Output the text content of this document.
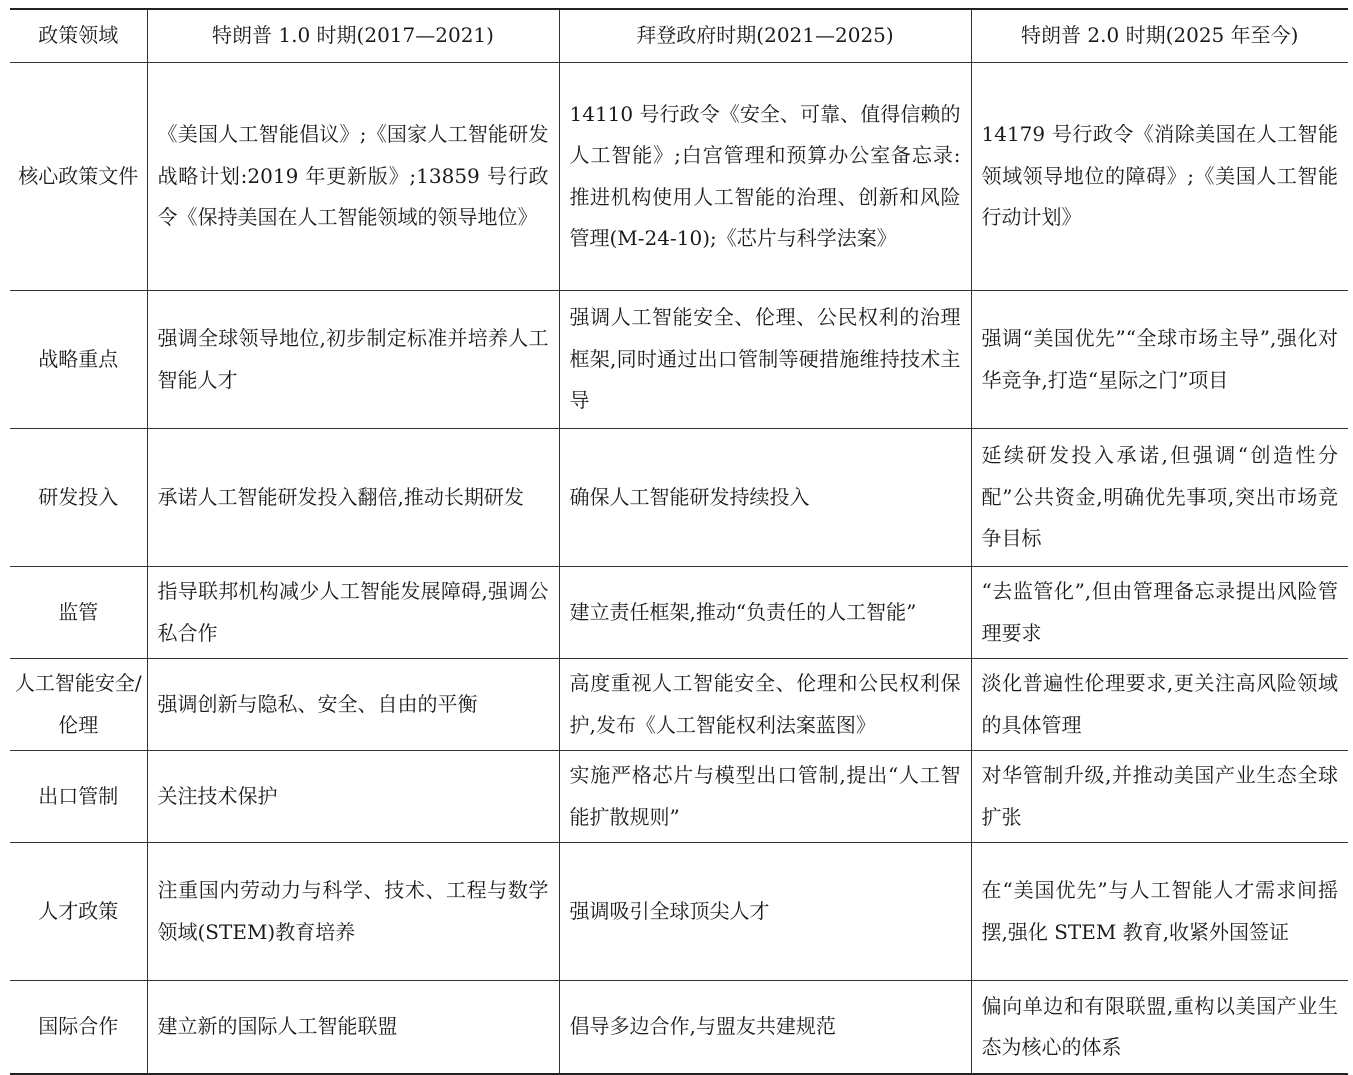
政策领域	特朗普 1.0 时期(2017—2021)	拜登政府时期(2021—2025)	特朗普 2.0 时期(2025 年至今)
核心政策文件	《美国人工智能倡议》;《国家人工智能研发战略计划:2019 年更新版》;13859 号行政令《保持美国在人工智能领域的领导地位》	14110 号行政令《安全、可靠、值得信赖的人工智能》;白宫管理和预算办公室备忘录:推进机构使用人工智能的治理、创新和风险管理(M-24-10);《芯片与科学法案》	14179 号行政令《消除美国在人工智能领域领导地位的障碍》;《美国人工智能行动计划》
战略重点	强调全球领导地位,初步制定标准并培养人工智能人才	强调人工智能安全、伦理、公民权利的治理框架,同时通过出口管制等硬措施维持技术主导	强调“美国优先”“全球市场主导”,强化对华竞争,打造“星际之门”项目
研发投入	承诺人工智能研发投入翻倍,推动长期研发	确保人工智能研发持续投入	延续研发投入承诺,但强调“创造性分配”公共资金,明确优先事项,突出市场竞争目标
监管	指导联邦机构减少人工智能发展障碍,强调公私合作	建立责任框架,推动“负责任的人工智能”	“去监管化”,但由管理备忘录提出风险管理要求
人工智能安全/伦理	强调创新与隐私、安全、自由的平衡	高度重视人工智能安全、伦理和公民权利保护,发布《人工智能权利法案蓝图》	淡化普遍性伦理要求,更关注高风险领域的具体管理
出口管制	关注技术保护	实施严格芯片与模型出口管制,提出“人工智能扩散规则”	对华管制升级,并推动美国产业生态全球扩张
人才政策	注重国内劳动力与科学、技术、工程与数学领域(STEM)教育培养	强调吸引全球顶尖人才	在“美国优先”与人工智能人才需求间摇摆,强化 STEM 教育,收紧外国签证
国际合作	建立新的国际人工智能联盟	倡导多边合作,与盟友共建规范	偏向单边和有限联盟,重构以美国产业生态为核心的体系
